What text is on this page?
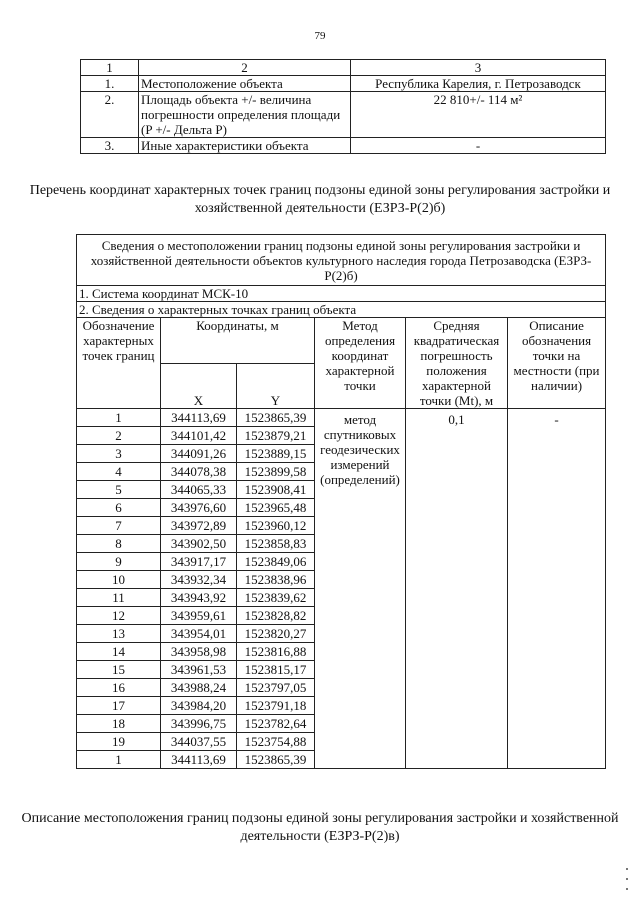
79
1	2	3
1.	Местоположение объекта	Республика Карелия, г. Петрозаводск
2.	Площадь объекта +/- величина погрешности определения площади (P +/- Дельта P)	22 810+/- 114 м²
3.	Иные характеристики объекта	-
Перечень координат характерных точек границ подзоны единой зоны регулирования застройки и хозяйственной деятельности (ЕЗРЗ-Р(2)б)
Сведения о местоположении границ подзоны единой зоны регулирования застройки и хозяйственной деятельности объектов культурного наследия города Петрозаводска (ЕЗРЗ-Р(2)б)					
1. Система координат МСК-10					
2. Сведения о характерных точках границ объекта					
Обозначение характерных точек границ	Координаты, м		Метод определения координат характерной точки	Средняя квадратическая погрешность положения характерной точки (Mt), м	Описание обозначения точки на местности (при наличии)
	X	Y			
1	344113,69	1523865,39	метод спутниковых геодезических измерений (определений)	0,1	-
2	344101,42	1523879,21			
3	344091,26	1523889,15			
4	344078,38	1523899,58			
5	344065,33	1523908,41			
6	343976,60	1523965,48			
7	343972,89	1523960,12			
8	343902,50	1523858,83			
9	343917,17	1523849,06			
10	343932,34	1523838,96			
11	343943,92	1523839,62			
12	343959,61	1523828,82			
13	343954,01	1523820,27			
14	343958,98	1523816,88			
15	343961,53	1523815,17			
16	343988,24	1523797,05			
17	343984,20	1523791,18			
18	343996,75	1523782,64			
19	344037,55	1523754,88			
1	344113,69	1523865,39			
Описание местоположения границ подзоны единой зоны регулирования застройки и хозяйственной деятельности (ЕЗРЗ-Р(2)в)
